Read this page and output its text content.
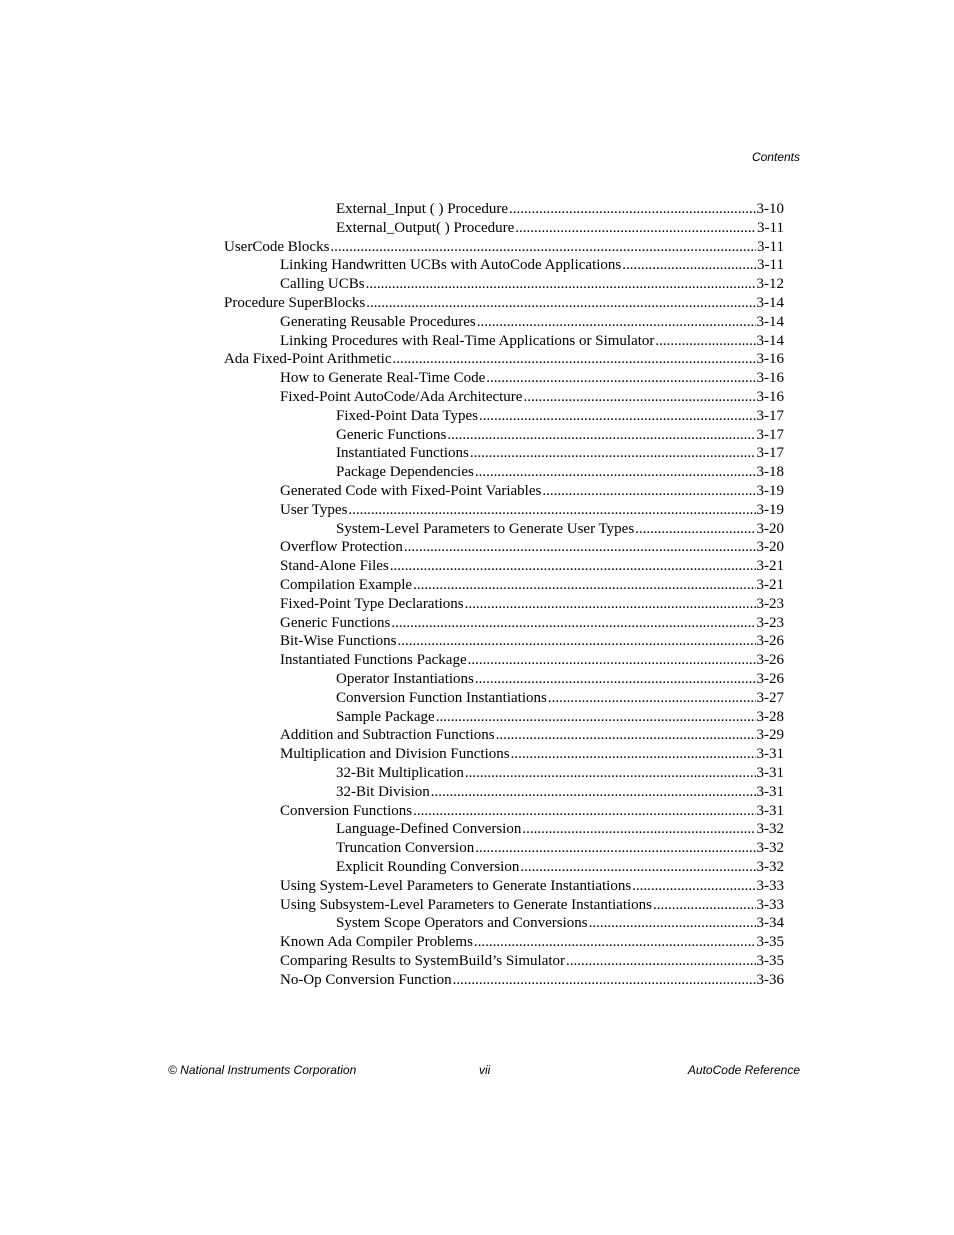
Contents
External_Input ( ) Procedure .....	3-10
External_Output( ) Procedure .....	3-11
UserCode Blocks .....	3-11
Linking Handwritten UCBs with AutoCode Applications .....	3-11
Calling UCBs .....	3-12
Procedure SuperBlocks .....	3-14
Generating Reusable Procedures .....	3-14
Linking Procedures with Real-Time Applications or Simulator .....	3-14
Ada Fixed-Point Arithmetic .....	3-16
How to Generate Real-Time Code .....	3-16
Fixed-Point AutoCode/Ada Architecture .....	3-16
Fixed-Point Data Types .....	3-17
Generic Functions .....	3-17
Instantiated Functions .....	3-17
Package Dependencies .....	3-18
Generated Code with Fixed-Point Variables .....	3-19
User Types .....	3-19
System-Level Parameters to Generate User Types .....	3-20
Overflow Protection .....	3-20
Stand-Alone Files .....	3-21
Compilation Example .....	3-21
Fixed-Point Type Declarations .....	3-23
Generic Functions .....	3-23
Bit-Wise Functions .....	3-26
Instantiated Functions Package .....	3-26
Operator Instantiations .....	3-26
Conversion Function Instantiations .....	3-27
Sample Package .....	3-28
Addition and Subtraction Functions .....	3-29
Multiplication and Division Functions .....	3-31
32-Bit Multiplication .....	3-31
32-Bit Division .....	3-31
Conversion Functions .....	3-31
Language-Defined Conversion .....	3-32
Truncation Conversion .....	3-32
Explicit Rounding Conversion .....	3-32
Using System-Level Parameters to Generate Instantiations .....	3-33
Using Subsystem-Level Parameters to Generate Instantiations .....	3-33
System Scope Operators and Conversions .....	3-34
Known Ada Compiler Problems .....	3-35
Comparing Results to SystemBuild’s Simulator .....	3-35
No-Op Conversion Function .....	3-36
© National Instruments Corporation	vii	AutoCode Reference
